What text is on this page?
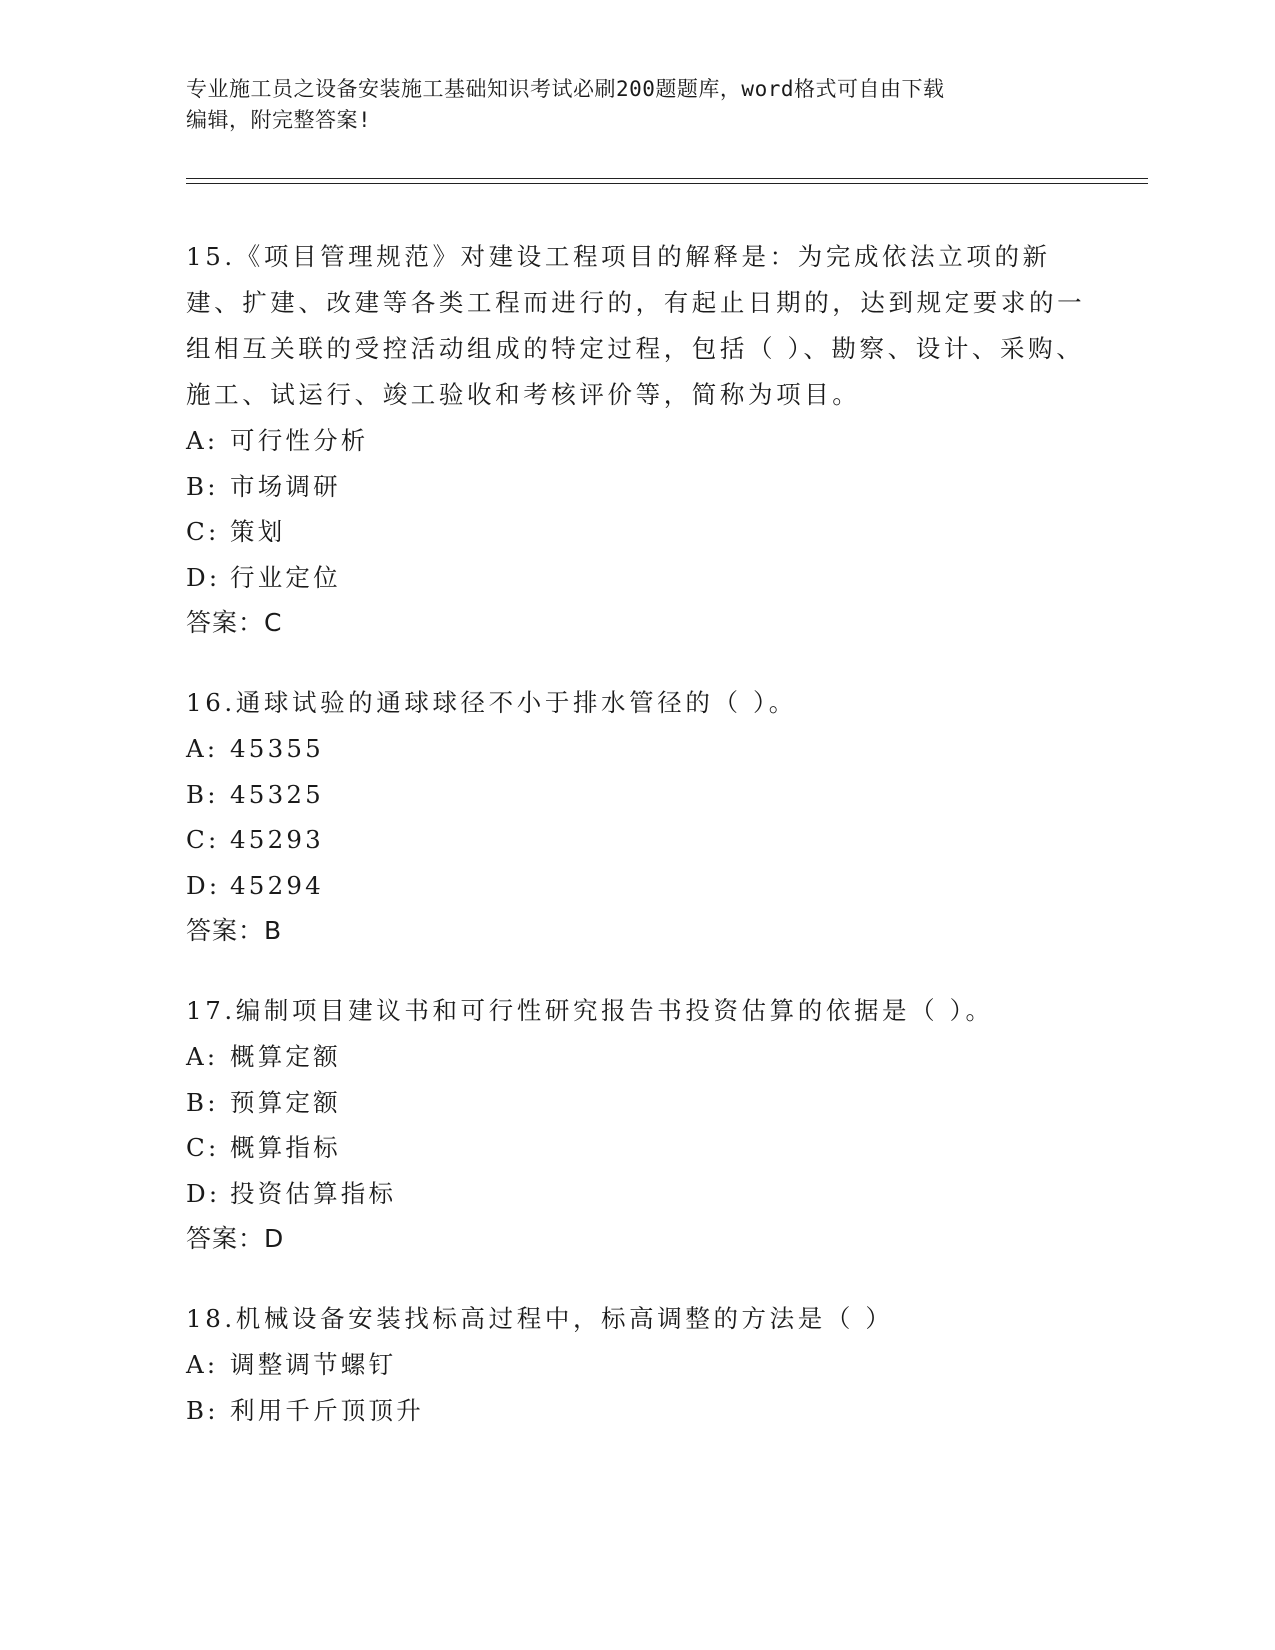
专业施工员之设备安装施工基础知识考试必刷200题题库，word格式可自由下载
编辑，附完整答案!
15.《项目管理规范》对建设工程项目的解释是：为完成依法立项的新建、扩建、改建等各类工程而进行的，有起止日期的，达到规定要求的一组相互关联的受控活动组成的特定过程，包括（ ）、勘察、设计、采购、施工、试运行、竣工验收和考核评价等，简称为项目。
A: 可行性分析
B: 市场调研
C: 策划
D: 行业定位
答案：C
16.通球试验的通球球径不小于排水管径的（ ）。
A: 45355
B: 45325
C: 45293
D: 45294
答案：B
17.编制项目建议书和可行性研究报告书投资估算的依据是（ ）。
A: 概算定额
B: 预算定额
C: 概算指标
D: 投资估算指标
答案：D
18.机械设备安装找标高过程中，标高调整的方法是（ ）
A: 调整调节螺钉
B: 利用千斤顶顶升
